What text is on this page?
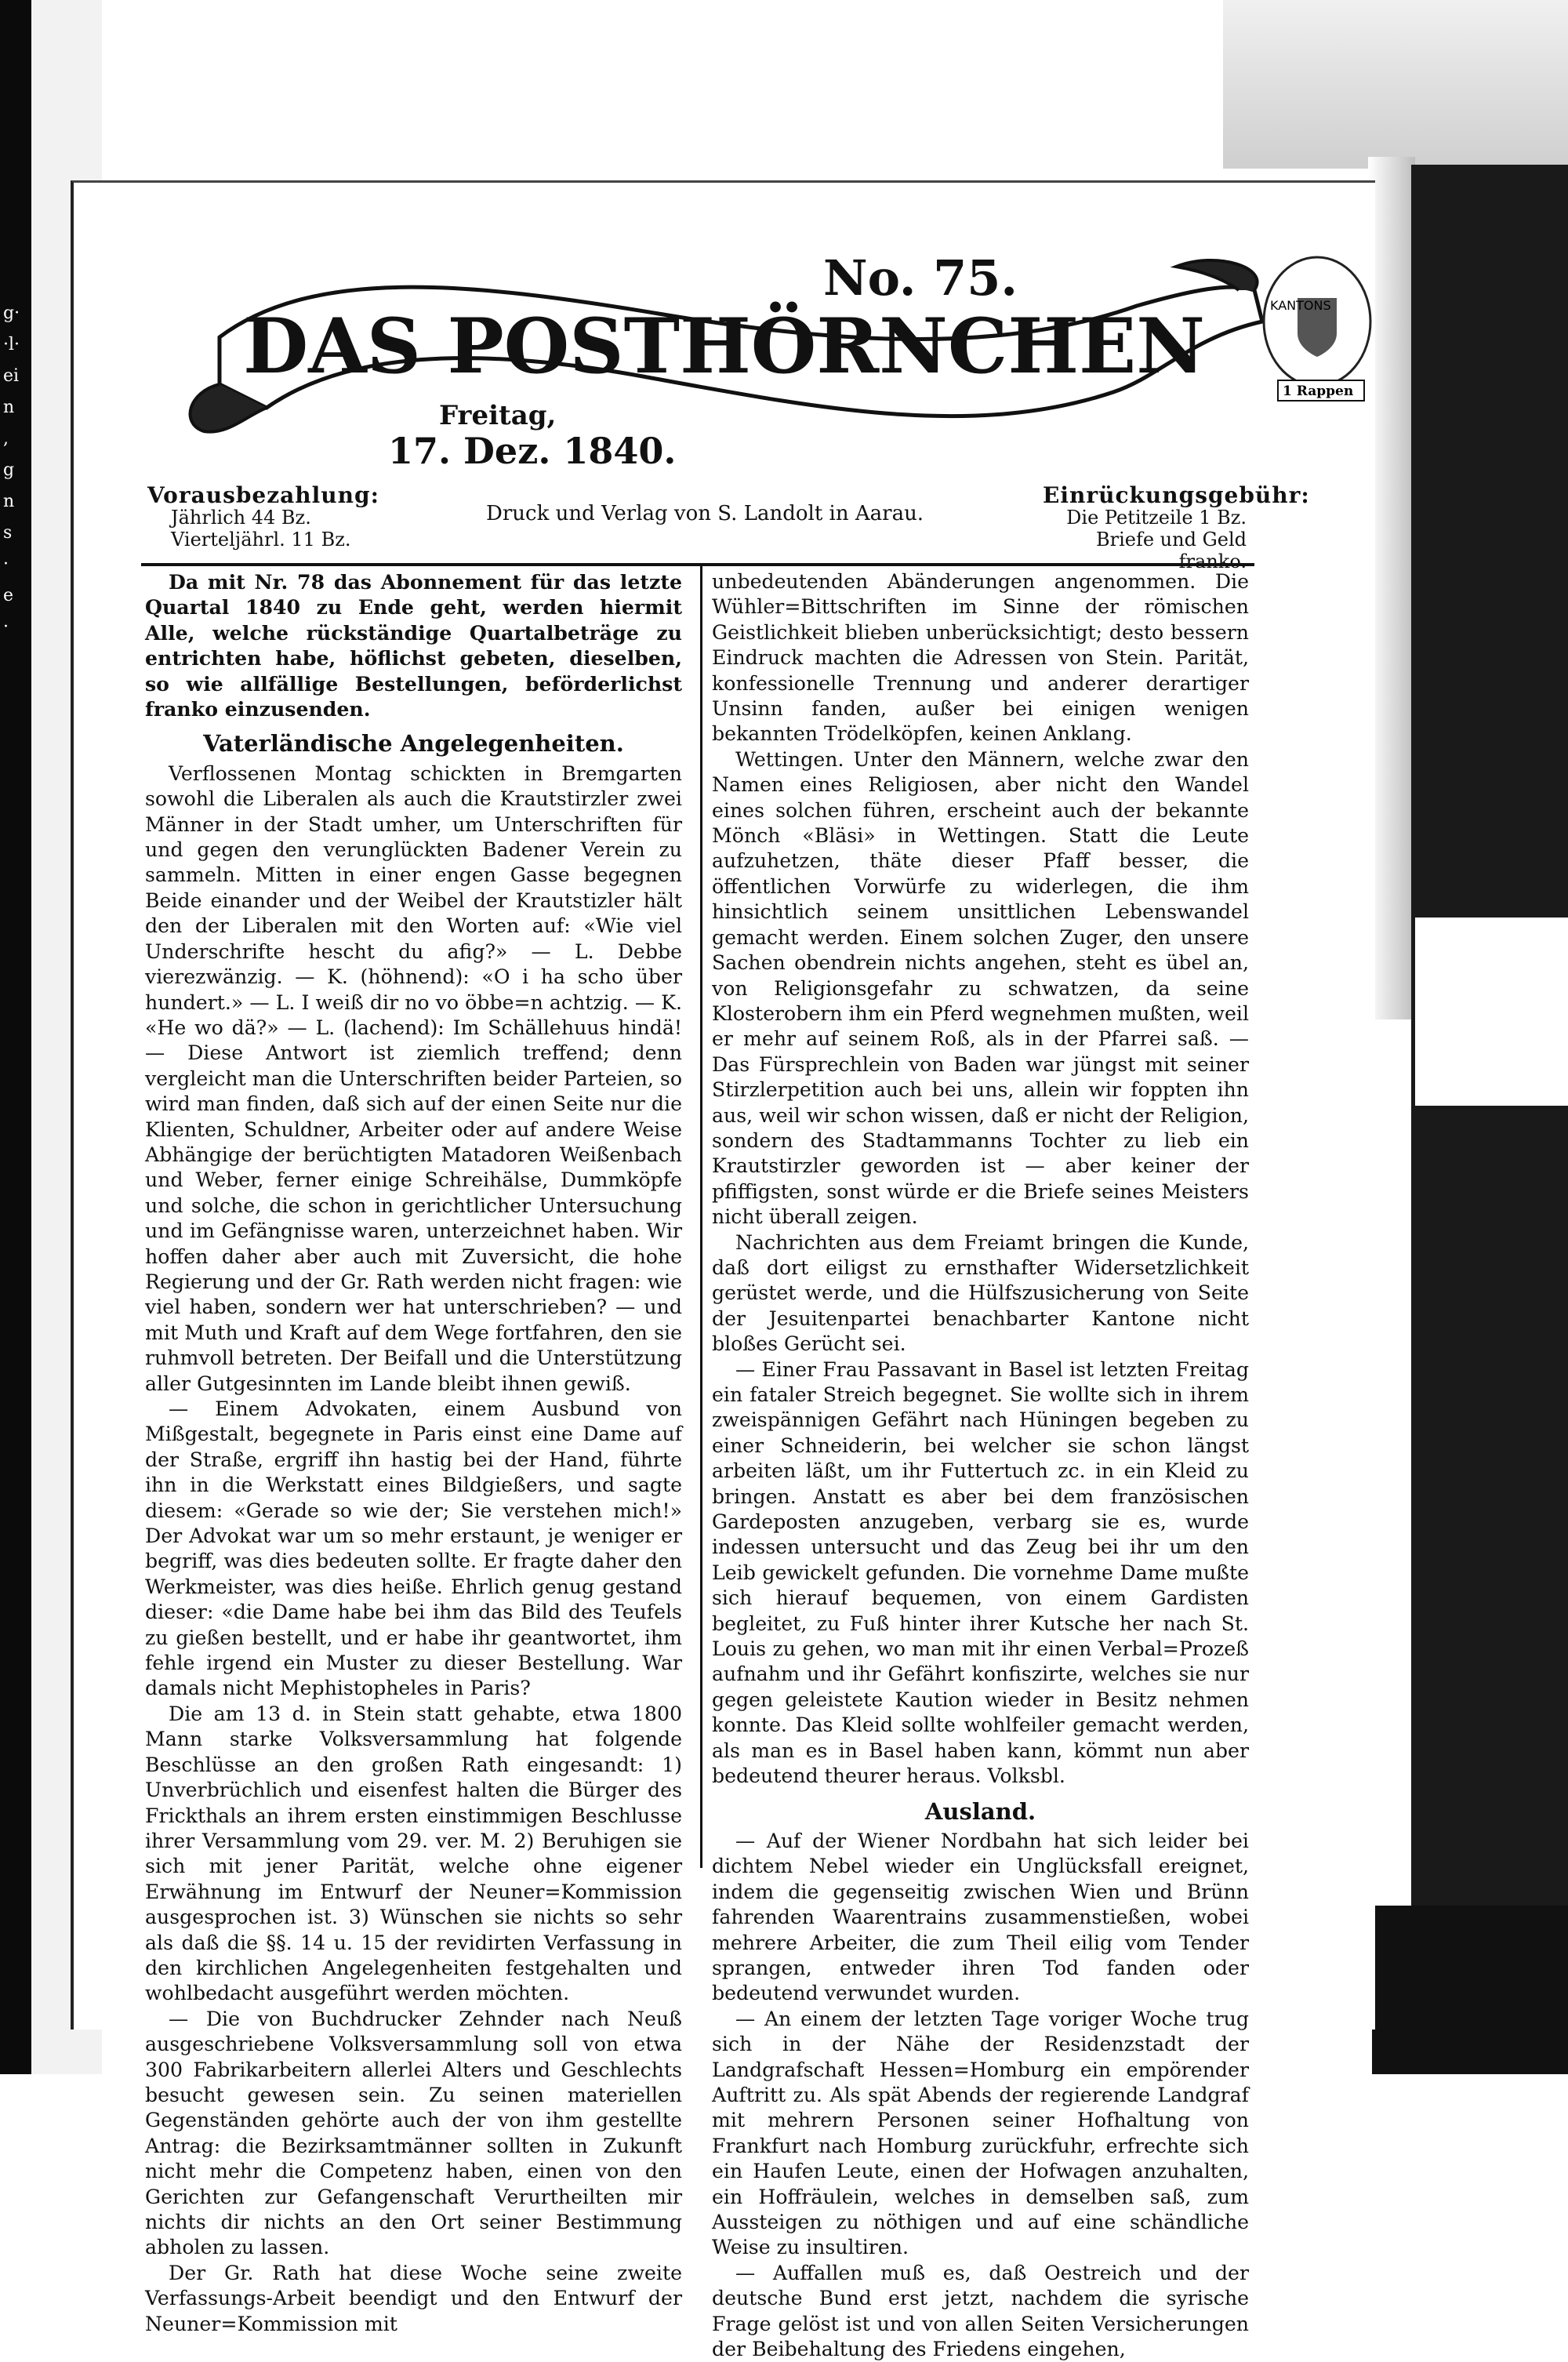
g·
·l·
ei
n
,
g
n
s
·
e
·
DAS POSTHÖRNCHEN
No. 75.	KANTONS
1 Rappen
Freitag,
17. Dez. 1840.
Vorausbezahlung:
Jährlich 44 Bz.
Vierteljährl. 11 Bz.
Druck und Verlag von S. Landolt in Aarau.
Einrückungsgebühr:
Die Petitzeile 1 Bz.
Briefe und Geld franko.

Da mit Nr. 78 das Abonnement für das letzte Quartal 1840 zu Ende geht, werden hiermit Alle, welche rückständige Quartalbeträge zu entrichten habe, höflichst gebeten, dieselben, so wie allfällige Bestellungen, beförderlichst franko einzusenden.

Vaterländische Angelegenheiten.

Verflossenen Montag schickten in Bremgarten sowohl die Liberalen als auch die Krautstirzler zwei Männer in der Stadt umher, um Unterschriften für und gegen den verunglückten Badener Verein zu sammeln. Mitten in einer engen Gasse begegnen Beide einander und der Weibel der Krautstizler hält den der Liberalen mit den Worten auf: «Wie viel Underschrifte hescht du afig?» — L. Debbe vierezwänzig. — K. (höhnend): «O i ha scho über hundert.» — L. I weiß dir no vo öbbe=n achtzig. — K. «He wo dä?» — L. (lachend): Im Schällehuus hindä! — Diese Antwort ist ziemlich treffend; denn vergleicht man die Unterschriften beider Parteien, so wird man finden, daß sich auf der einen Seite nur die Klienten, Schuldner, Arbeiter oder auf andere Weise Abhängige der berüchtigten Matadoren Weißenbach und Weber, ferner einige Schreihälse, Dummköpfe und solche, die schon in gerichtlicher Untersuchung und im Gefängnisse waren, unterzeichnet haben. Wir hoffen daher aber auch mit Zuversicht, die hohe Regierung und der Gr. Rath werden nicht fragen: wie viel haben, sondern wer hat unterschrieben? — und mit Muth und Kraft auf dem Wege fortfahren, den sie ruhmvoll betreten. Der Beifall und die Unterstützung aller Gutgesinnten im Lande bleibt ihnen gewiß.

— Einem Advokaten, einem Ausbund von Mißgestalt, begegnete in Paris einst eine Dame auf der Straße, ergriff ihn hastig bei der Hand, führte ihn in die Werkstatt eines Bildgießers, und sagte diesem: «Gerade so wie der; Sie verstehen mich!» Der Advokat war um so mehr erstaunt, je weniger er begriff, was dies bedeuten sollte. Er fragte daher den Werkmeister, was dies heiße. Ehrlich genug gestand dieser: «die Dame habe bei ihm das Bild des Teufels zu gießen bestellt, und er habe ihr geantwortet, ihm fehle irgend ein Muster zu dieser Bestellung. War damals nicht Mephistopheles in Paris?

Die am 13 d. in Stein statt gehabte, etwa 1800 Mann starke Volksversammlung hat folgende Beschlüsse an den großen Rath eingesandt: 1) Unverbrüchlich und eisenfest halten die Bürger des Frickthals an ihrem ersten einstimmigen Beschlusse ihrer Versammlung vom 29. ver. M. 2) Beruhigen sie sich mit jener Parität, welche ohne eigener Erwähnung im Entwurf der Neuner=Kommission ausgesprochen ist. 3) Wünschen sie nichts so sehr als daß die §§. 14 u. 15 der revidirten Verfassung in den kirchlichen Angelegenheiten festgehalten und wohlbedacht ausgeführt werden möchten.

— Die von Buchdrucker Zehnder nach Neuß ausgeschriebene Volksversammlung soll von etwa 300 Fabrikarbeitern allerlei Alters und Geschlechts besucht gewesen sein. Zu seinen materiellen Gegenständen gehörte auch der von ihm gestellte Antrag: die Bezirksamtmänner sollten in Zukunft nicht mehr die Competenz haben, einen von den Gerichten zur Gefangenschaft Verurtheilten mir nichts dir nichts an den Ort seiner Bestimmung abholen zu lassen.

Der Gr. Rath hat diese Woche seine zweite Verfassungs-Arbeit beendigt und den Entwurf der Neuner=Kommission mit

unbedeutenden Abänderungen angenommen. Die Wühler=Bittschriften im Sinne der römischen Geistlichkeit blieben unberücksichtigt; desto bessern Eindruck machten die Adressen von Stein. Parität, konfessionelle Trennung und anderer derartiger Unsinn fanden, außer bei einigen wenigen bekannten Trödelköpfen, keinen Anklang.

Wettingen. Unter den Männern, welche zwar den Namen eines Religiosen, aber nicht den Wandel eines solchen führen, erscheint auch der bekannte Mönch «Bläsi» in Wettingen. Statt die Leute aufzuhetzen, thäte dieser Pfaff besser, die öffentlichen Vorwürfe zu widerlegen, die ihm hinsichtlich seinem unsittlichen Lebenswandel gemacht werden. Einem solchen Zuger, den unsere Sachen obendrein nichts angehen, steht es übel an, von Religionsgefahr zu schwatzen, da seine Klosterobern ihm ein Pferd wegnehmen mußten, weil er mehr auf seinem Roß, als in der Pfarrei saß. — Das Fürsprechlein von Baden war jüngst mit seiner Stirzlerpetition auch bei uns, allein wir foppten ihn aus, weil wir schon wissen, daß er nicht der Religion, sondern des Stadtammanns Tochter zu lieb ein Krautstirzler geworden ist — aber keiner der pfiffigsten, sonst würde er die Briefe seines Meisters nicht überall zeigen.

Nachrichten aus dem Freiamt bringen die Kunde, daß dort eiligst zu ernsthafter Widersetzlichkeit gerüstet werde, und die Hülfszusicherung von Seite der Jesuitenpartei benachbarter Kantone nicht bloßes Gerücht sei.

— Einer Frau Passavant in Basel ist letzten Freitag ein fataler Streich begegnet. Sie wollte sich in ihrem zweispännigen Gefährt nach Hüningen begeben zu einer Schneiderin, bei welcher sie schon längst arbeiten läßt, um ihr Futtertuch zc. in ein Kleid zu bringen. Anstatt es aber bei dem französischen Gardeposten anzugeben, verbarg sie es, wurde indessen untersucht und das Zeug bei ihr um den Leib gewickelt gefunden. Die vornehme Dame mußte sich hierauf bequemen, von einem Gardisten begleitet, zu Fuß hinter ihrer Kutsche her nach St. Louis zu gehen, wo man mit ihr einen Verbal=Prozeß aufnahm und ihr Gefährt konfiszirte, welches sie nur gegen geleistete Kaution wieder in Besitz nehmen konnte. Das Kleid sollte wohlfeiler gemacht werden, als man es in Basel haben kann, kömmt nun aber bedeutend theurer heraus. Volksbl.

Ausland.

— Auf der Wiener Nordbahn hat sich leider bei dichtem Nebel wieder ein Unglücksfall ereignet, indem die gegenseitig zwischen Wien und Brünn fahrenden Waarentrains zusammenstießen, wobei mehrere Arbeiter, die zum Theil eilig vom Tender sprangen, entweder ihren Tod fanden oder bedeutend verwundet wurden.

— An einem der letzten Tage voriger Woche trug sich in der Nähe der Residenzstadt der Landgrafschaft Hessen=Homburg ein empörender Auftritt zu. Als spät Abends der regierende Landgraf mit mehrern Personen seiner Hofhaltung von Frankfurt nach Homburg zurückfuhr, erfrechte sich ein Haufen Leute, einen der Hofwagen anzuhalten, ein Hoffräulein, welches in demselben saß, zum Aussteigen zu nöthigen und auf eine schändliche Weise zu insultiren.

— Auffallen muß es, daß Oestreich und der deutsche Bund erst jetzt, nachdem die syrische Frage gelöst ist und von allen Seiten Versicherungen der Beibehaltung des Friedens eingehen,
